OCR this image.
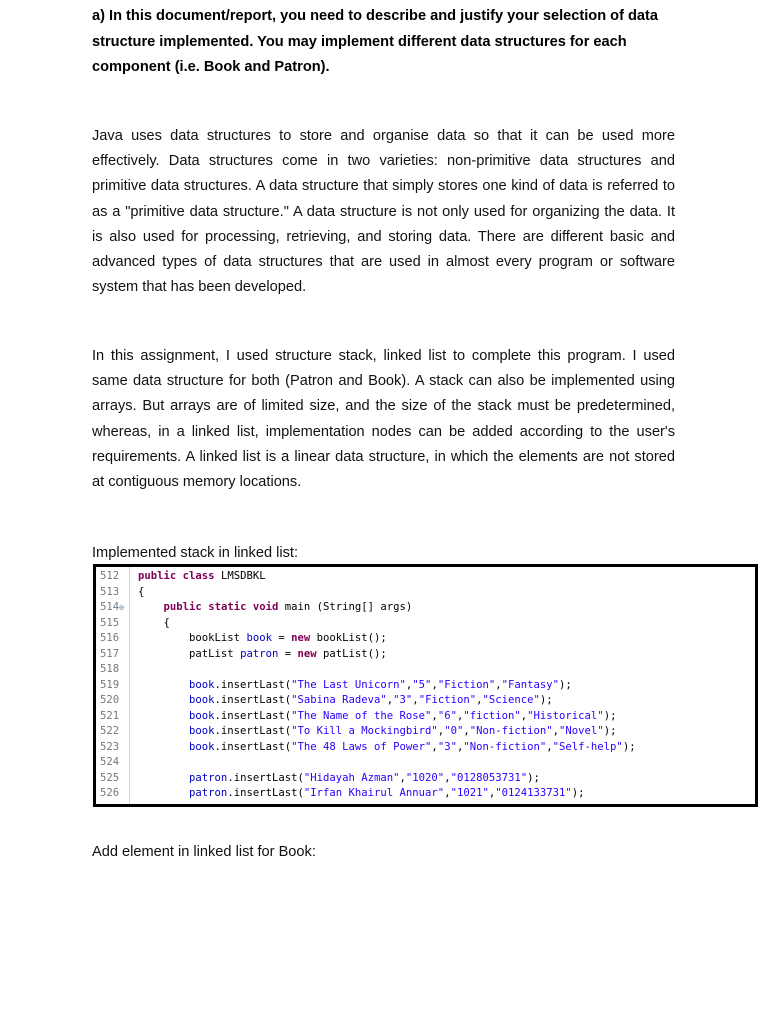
a) In this document/report, you need to describe and justify your selection of data structure implemented. You may implement different data structures for each component (i.e. Book and Patron).

Java uses data structures to store and organise data so that it can be used more effectively. Data structures come in two varieties: non-primitive data structures and primitive data structures. A data structure that simply stores one kind of data is referred to as a "primitive data structure." A data structure is not only used for organizing the data. It is also used for processing, retrieving, and storing data. There are different basic and advanced types of data structures that are used in almost every program or software system that has been developed.

In this assignment, I used structure stack, linked list to complete this program. I used same data structure for both (Patron and Book). A stack can also be implemented using arrays. But arrays are of limited size, and the size of the stack must be predetermined, whereas, in a linked list, implementation nodes can be added according to the user's requirements. A linked list is a linear data structure, in which the elements are not stored at contiguous memory locations.

Implemented stack in linked list:

512	public class LMSDBKL
513	{
514⊖	public static void main (String[] args)
515	{
516	bookList book = new bookList();
517	patList patron = new patList();
518
519	book.insertLast("The Last Unicorn","5","Fiction","Fantasy");
520	book.insertLast("Sabina Radeva","3","Fiction","Science");
521	book.insertLast("The Name of the Rose","6","fiction","Historical");
522	book.insertLast("To Kill a Mockingbird","0","Non-fiction","Novel");
523	book.insertLast("The 48 Laws of Power","3","Non-fiction","Self-help");
524
525	patron.insertLast("Hidayah Azman","1020","0128053731");
526	patron.insertLast("Irfan Khairul Annuar","1021","0124133731");

Add element in linked list for Book:
